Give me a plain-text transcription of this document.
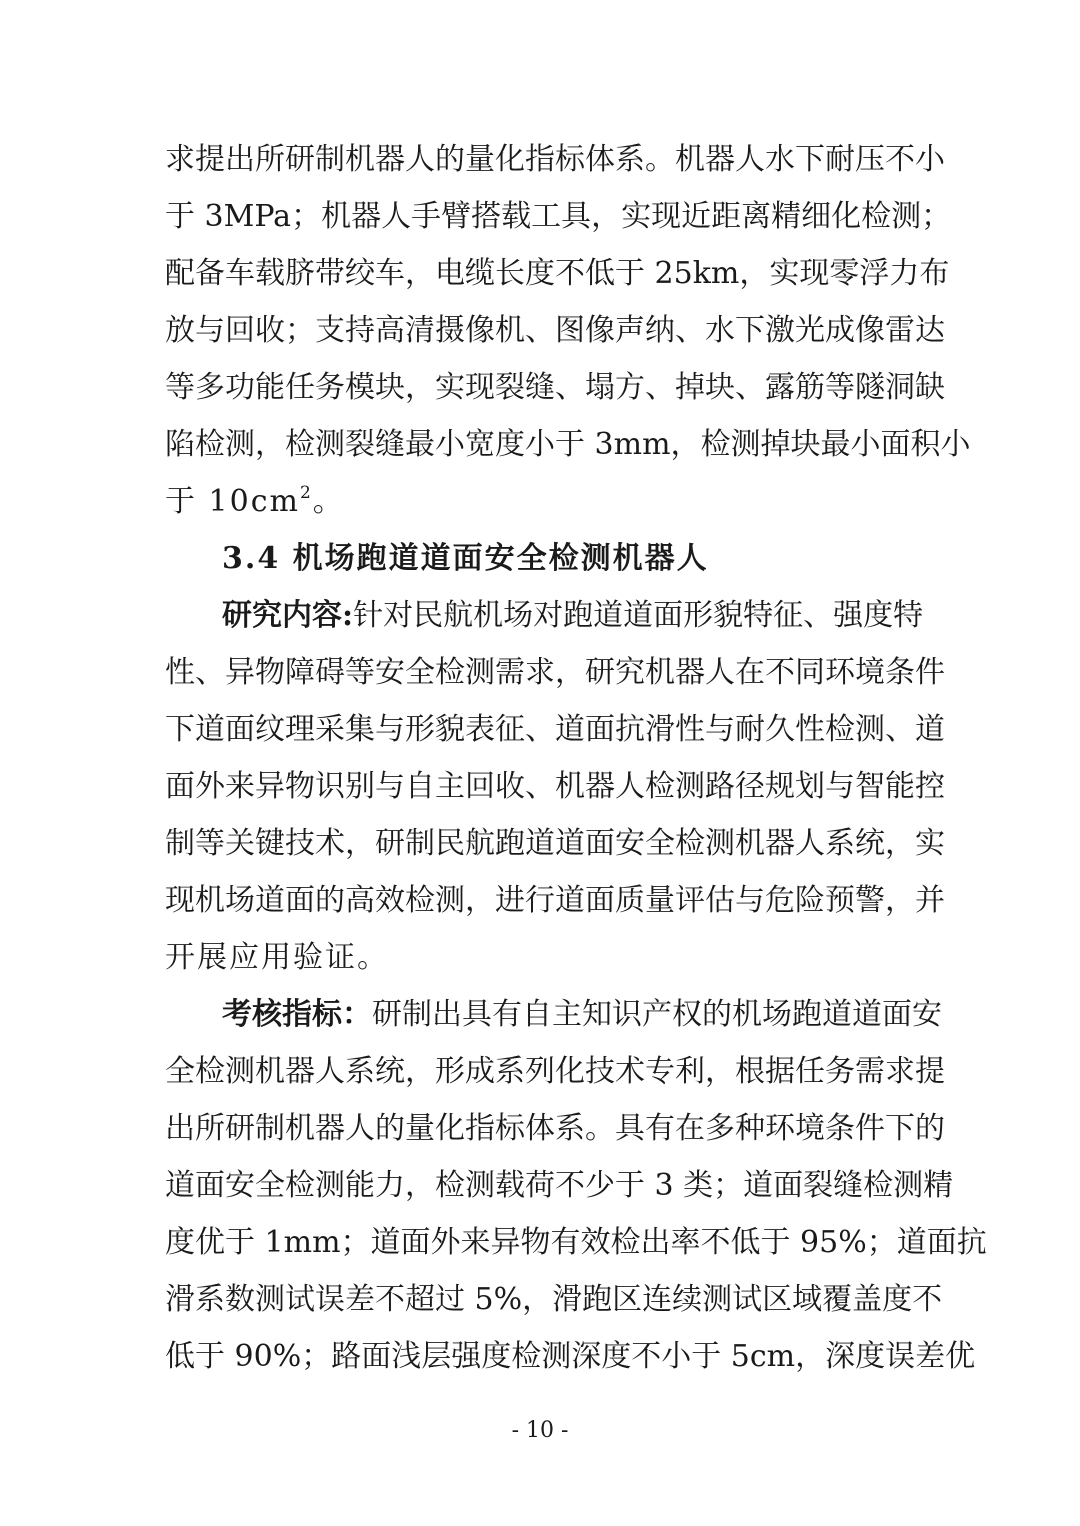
求提出所研制机器人的量化指标体系。机器人水下耐压不小
于 3MPa；机器人手臂搭载工具，实现近距离精细化检测；
配备车载脐带绞车，电缆长度不低于 25km，实现零浮力布
放与回收；支持高清摄像机、图像声纳、水下激光成像雷达
等多功能任务模块，实现裂缝、塌方、掉块、露筋等隧洞缺
陷检测，检测裂缝最小宽度小于 3mm，检测掉块最小面积小
于 $10cm^2$。
3.4 机场跑道道面安全检测机器人
研究内容:针对民航机场对跑道道面形貌特征、强度特
性、异物障碍等安全检测需求，研究机器人在不同环境条件
下道面纹理采集与形貌表征、道面抗滑性与耐久性检测、道
面外来异物识别与自主回收、机器人检测路径规划与智能控
制等关键技术，研制民航跑道道面安全检测机器人系统，实
现机场道面的高效检测，进行道面质量评估与危险预警，并
开展应用验证。
考核指标：研制出具有自主知识产权的机场跑道道面安
全检测机器人系统，形成系列化技术专利，根据任务需求提
出所研制机器人的量化指标体系。具有在多种环境条件下的
道面安全检测能力，检测载荷不少于 3 类；道面裂缝检测精
度优于 1mm；道面外来异物有效检出率不低于 95%；道面抗
滑系数测试误差不超过 5%，滑跑区连续测试区域覆盖度不
低于 90%；路面浅层强度检测深度不小于 5cm，深度误差优
- 10 -
